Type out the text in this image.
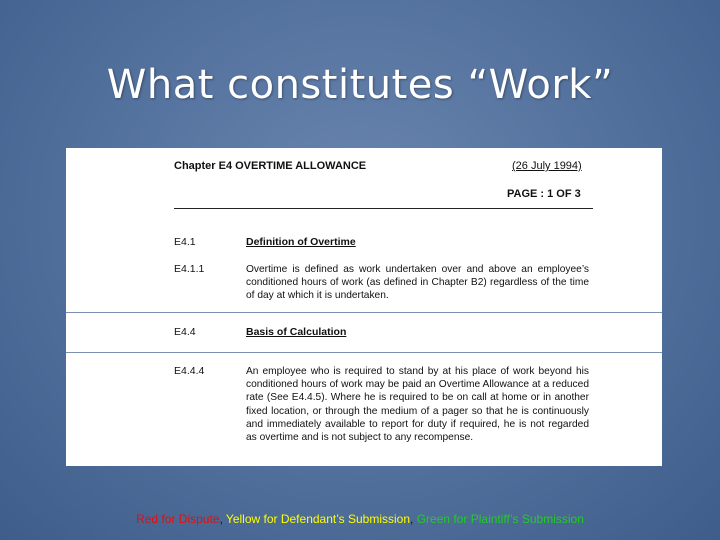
What constitutes “Work”
Chapter E4 OVERTIME ALLOWANCE	(26 July 1994)
PAGE : 1 OF 3
E4.1	Definition of Overtime
E4.1.1	Overtime is defined as work undertaken over and above an employee’s conditioned hours of work (as defined in Chapter B2) regardless of the time of day at which it is undertaken.
E4.4	Basis of Calculation
E4.4.4	An employee who is required to stand by at his place of work beyond his conditioned hours of work may be paid an Overtime Allowance at a reduced rate (See E4.4.5). Where he is required to be on call at home or in another fixed location, or through the medium of a pager so that he is continuously and immediately available to report for duty if required, he is not regarded as overtime and is not subject to any recompense.
Red for Dispute, Yellow for Defendant’s Submission, Green for Plaintiff’s Submission
